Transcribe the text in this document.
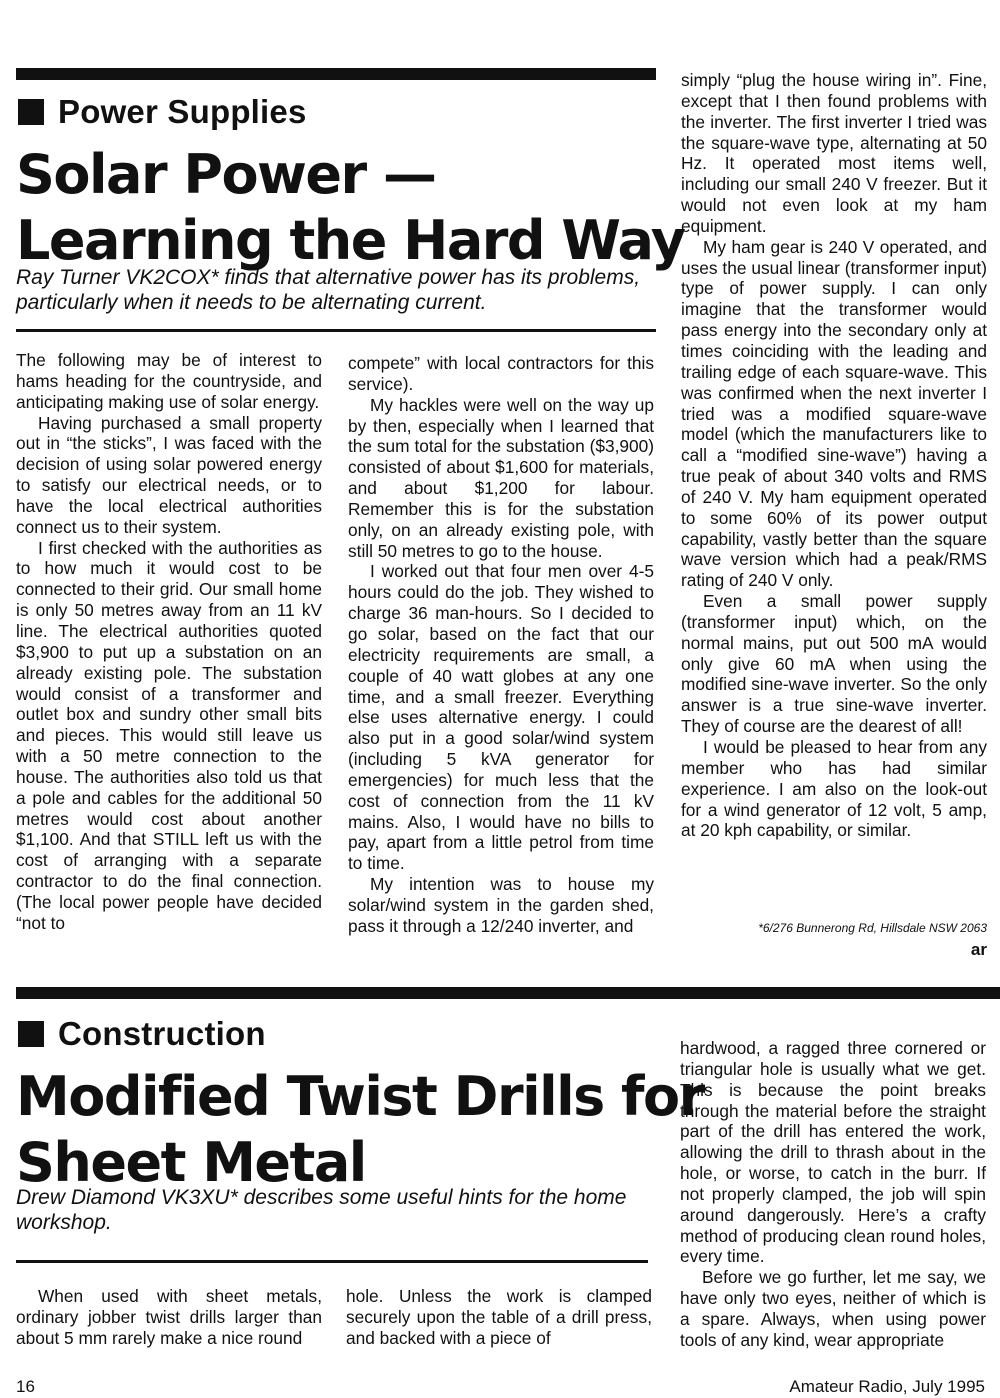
Power Supplies
Solar Power —
Learning the Hard Way
Ray Turner VK2COX* finds that alternative power has its problems,
particularly when it needs to be alternating current.

The following may be of interest to hams heading for the countryside, and anticipating making use of solar energy.

Having purchased a small property out in “the sticks”, I was faced with the decision of using solar powered energy to satisfy our electrical needs, or to have the local electrical authorities connect us to their system.

I first checked with the authorities as to how much it would cost to be connected to their grid. Our small home is only 50 metres away from an 11 kV line. The electrical authorities quoted $3,900 to put up a substation on an already existing pole. The substation would consist of a transformer and outlet box and sundry other small bits and pieces. This would still leave us with a 50 metre connection to the house. The authorities also told us that a pole and cables for the additional 50 metres would cost about another $1,100. And that STILL left us with the cost of arranging with a separate contractor to do the final connection. (The local power people have decided “not to

compete” with local contractors for this service).

My hackles were well on the way up by then, especially when I learned that the sum total for the substation ($3,900) consisted of about $1,600 for materials, and about $1,200 for labour. Remember this is for the substation only, on an already existing pole, with still 50 metres to go to the house.

I worked out that four men over 4-5 hours could do the job. They wished to charge 36 man-hours. So I decided to go solar, based on the fact that our electricity requirements are small, a couple of 40 watt globes at any one time, and a small freezer. Everything else uses alternative energy. I could also put in a good solar/wind system (including 5 kVA generator for emergencies) for much less that the cost of connection from the 11 kV mains. Also, I would have no bills to pay, apart from a little petrol from time to time.

My intention was to house my solar/wind system in the garden shed, pass it through a 12/240 inverter, and

simply “plug the house wiring in”. Fine, except that I then found problems with the inverter. The first inverter I tried was the square-wave type, alternating at 50 Hz. It operated most items well, including our small 240 V freezer. But it would not even look at my ham equipment.

My ham gear is 240 V operated, and uses the usual linear (transformer input) type of power supply. I can only imagine that the transformer would pass energy into the secondary only at times coinciding with the leading and trailing edge of each square-wave. This was confirmed when the next inverter I tried was a modified square-wave model (which the manufacturers like to call a “modified sine-wave”) having a true peak of about 340 volts and RMS of 240 V. My ham equipment operated to some 60% of its power output capability, vastly better than the square wave version which had a peak/RMS rating of 240 V only.

Even a small power supply (transformer input) which, on the normal mains, put out 500 mA would only give 60 mA when using the modified sine-wave inverter. So the only answer is a true sine-wave inverter. They of course are the dearest of all!

I would be pleased to hear from any member who has had similar experience. I am also on the look-out for a wind generator of 12 volt, 5 amp, at 20 kph capability, or similar.

*6/276 Bunnerong Rd, Hillsdale NSW 2063
ar
Construction
Modified Twist Drills for
Sheet Metal
Drew Diamond VK3XU* describes some useful hints for the home
workshop.

When used with sheet metals, ordinary jobber twist drills larger than about 5 mm rarely make a nice round

hole. Unless the work is clamped securely upon the table of a drill press, and backed with a piece of

hardwood, a ragged three cornered or triangular hole is usually what we get. This is because the point breaks through the material before the straight part of the drill has entered the work, allowing the drill to thrash about in the hole, or worse, to catch in the burr. If not properly clamped, the job will spin around dangerously. Here’s a crafty method of producing clean round holes, every time.

Before we go further, let me say, we have only two eyes, neither of which is a spare. Always, when using power tools of any kind, wear appropriate

16	Amateur Radio, July 1995
